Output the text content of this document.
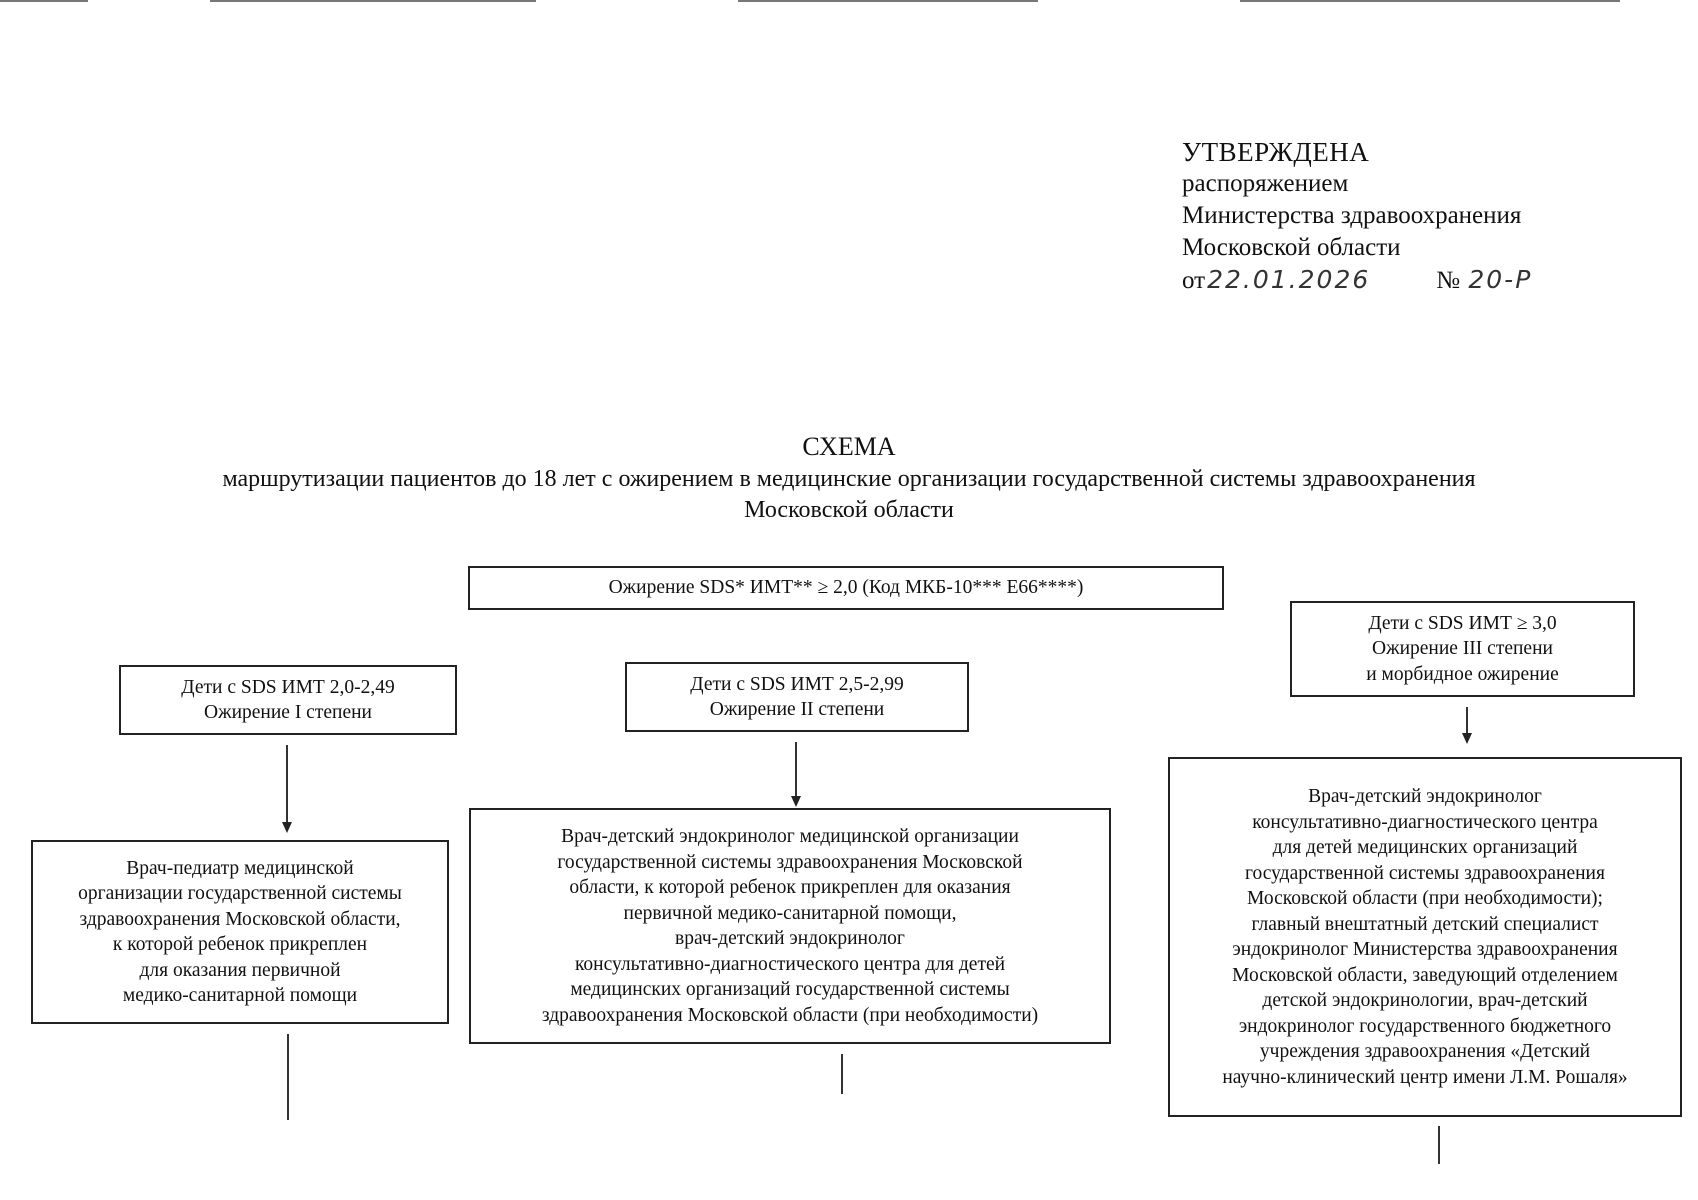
УТВЕРЖДЕНА
распоряжением
Министерства здравоохранения
Московской области
от22.01.2026	№ 20-Р
СХЕМА
маршрутизации пациентов до 18 лет с ожирением в медицинские организации государственной системы здравоохранения Московской области
Ожирение SDS* ИМТ** ≥ 2,0 (Код МКБ-10*** Е66****)
Дети с SDS ИМТ 2,0-2,49
Ожирение I степени
Врач-педиатр медицинской
организации государственной системы
здравоохранения Московской области,
к которой ребенок прикреплен
для оказания первичной
медико-санитарной помощи
Дети с SDS ИМТ 2,5-2,99
Ожирение II степени
Врач-детский эндокринолог медицинской организации
государственной системы здравоохранения Московской
области, к которой ребенок прикреплен для оказания
первичной медико-санитарной помощи,
врач-детский эндокринолог
консультативно-диагностического центра для детей
медицинских организаций государственной системы
здравоохранения Московской области (при необходимости)
Дети с SDS ИМТ ≥ 3,0
Ожирение III степени
и морбидное ожирение
Врач-детский эндокринолог
консультативно-диагностического центра
для детей медицинских организаций
государственной системы здравоохранения
Московской области (при необходимости);
главный внештатный детский специалист
эндокринолог Министерства здравоохранения
Московской области, заведующий отделением
детской эндокринологии, врач-детский
эндокринолог государственного бюджетного
учреждения здравоохранения «Детский
научно-клинический центр имени Л.М. Рошаля»
